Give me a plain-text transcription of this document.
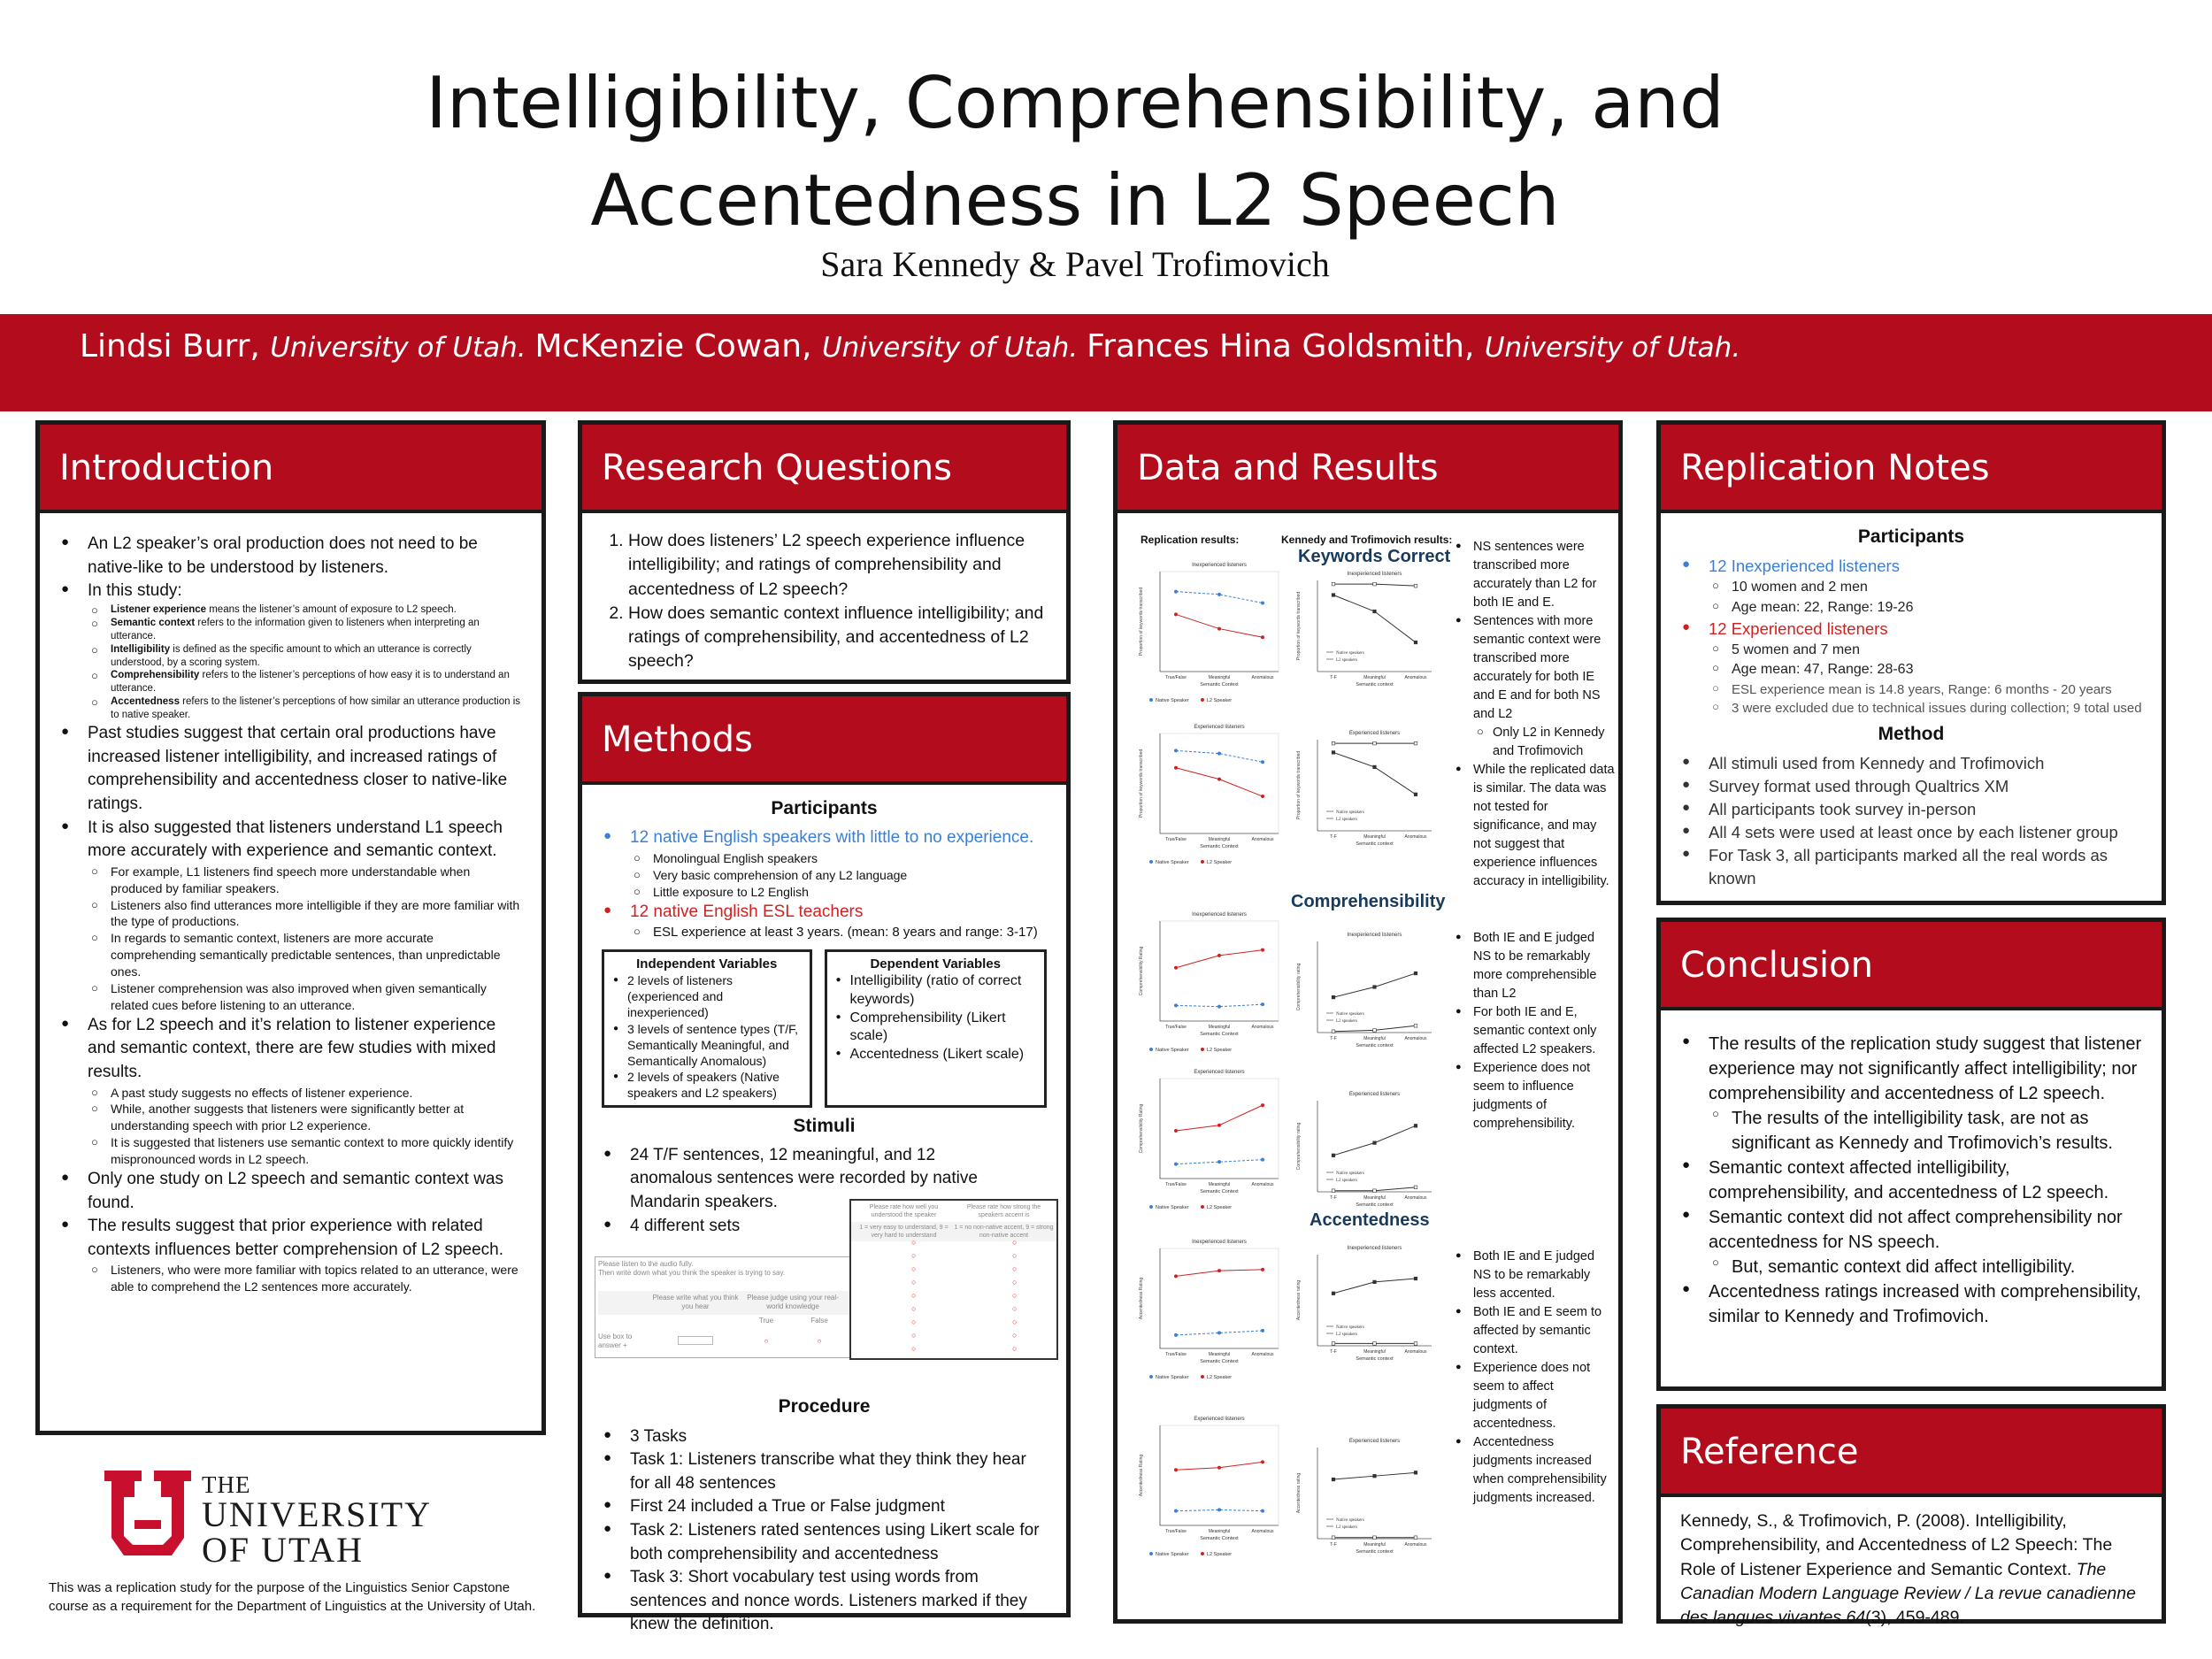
Intelligibility, Comprehensibility, and
Accentedness in L2 Speech
Sara Kennedy & Pavel Trofimovich
Lindsi Burr, University of Utah. McKenzie Cowan, University of Utah. Frances Hina Goldsmith, University of Utah.
Introduction
● An L2 speaker’s oral production does not need to be native-like to be understood by listeners.
● In this study:
○ Listener experience means the listener’s amount of exposure to L2 speech.
○ Semantic context refers to the information given to listeners when interpreting an utterance.
○ Intelligibility is defined as the specific amount to which an utterance is correctly understood, by a scoring system.
○ Comprehensibility refers to the listener’s perceptions of how easy it is to understand an utterance.
○ Accentedness refers to the listener’s perceptions of how similar an utterance production is to native speaker.
● Past studies suggest that certain oral productions have increased listener intelligibility, and increased ratings of comprehensibility and accentedness closer to native-like ratings.
● It is also suggested that listeners understand L1 speech more accurately with experience and semantic context.
○ For example, L1 listeners find speech more understandable when produced by familiar speakers.
○ Listeners also find utterances more intelligible if they are more familiar with the type of productions.
○ In regards to semantic context, listeners are more accurate comprehending semantically predictable sentences, than unpredictable ones.
○ Listener comprehension was also improved when given semantically related cues before listening to an utterance.
● As for L2 speech and it’s relation to listener experience and semantic context, there are few studies with mixed results.
○ A past study suggests no effects of listener experience.
○ While, another suggests that listeners were significantly better at understanding speech with prior L2 experience.
○ It is suggested that listeners use semantic context to more quickly identify mispronounced words in L2 speech.
● Only one study on L2 speech and semantic context was found.
● The results suggest that prior experience with related contexts influences better comprehension of L2 speech.
○ Listeners, who were more familiar with topics related to an utterance, were able to comprehend the L2 sentences more accurately.
THE
UNIVERSITY
OF UTAH
This was a replication study for the purpose of the Linguistics Senior Capstone course as a requirement for the Department of Linguistics at the University of Utah.
Research Questions
1. How does listeners’ L2 speech experience influence intelligibility; and ratings of comprehensibility and accentedness of L2 speech?
2. How does semantic context influence intelligibility; and ratings of comprehensibility, and accentedness of L2 speech?
Methods
Participants
● 12 native English speakers with little to no experience.
○ Monolingual English speakers
○ Very basic comprehension of any L2 language
○ Little exposure to L2 English
● 12 native English ESL teachers
○ ESL experience at least 3 years. (mean: 8 years and range: 3-17)
Independent Variables
● 2 levels of listeners (experienced and inexperienced)
● 3 levels of sentence types (T/F, Semantically Meaningful, and Semantically Anomalous)
● 2 levels of speakers (Native speakers and L2 speakers)
Dependent Variables
● Intelligibility (ratio of correct keywords)
● Comprehensibility (Likert scale)
● Accentedness (Likert scale)
Stimuli
● 24 T/F sentences, 12 meaningful, and 12 anomalous sentences were recorded by native Mandarin speakers.
● 4 different sets
Please listen to the audio fully.
Then write down what you think the speaker is trying to say.
Please write what you think you hear
Please judge using your real-world knowledge
True	False
Use box to answer +
○	○
Please rate how well you understood the speaker
Please rate how strong the speakers accent is
1 = very easy to understand, 9 = very hard to understand
1 = no non-native accent, 9 = strong non-native accent
○
○
○
○
○
○
○
○
○
○
○
○
○
○
○
○
○
○
Procedure
● 3 Tasks
● Task 1: Listeners transcribe what they think they hear for all 48 sentences
● First 24 included a True or False judgment
● Task 2: Listeners rated sentences using Likert scale for both comprehensibility and accentedness
● Task 3: Short vocabulary test using words from sentences and nonce words. Listeners marked if they knew the definition.
Data and Results
Replication results:	Kennedy and Trofimovich results:
Keywords Correct
Comprehensibility
Accentedness
● NS sentences were transcribed more accurately than L2 for both IE and E.
● Sentences with more semantic context were transcribed more accurately for both IE and E and for both NS and L2
○ Only L2 in Kennedy and Trofimovich
● While the replicated data is similar. The data was not tested for significance, and may not suggest that experience influences accuracy in intelligibility.
● Both IE and E judged NS to be remarkably more comprehensible than L2
● For both IE and E, semantic context only affected L2 speakers.
● Experience does not seem to influence judgments of comprehensibility.
● Both IE and E judged NS to be remarkably less accented.
● Both IE and E seem to affected by semantic context.
● Experience does not seem to affect judgments of accentedness.
● Accentedness judgments increased when comprehensibility judgments increased.
Inexperienced listeners
Proportion of keywords transcribed
True/False	Meaningful	Anomalous
Semantic Context
Native Speaker	L2 Speaker
Experienced listeners
Proportion of keywords transcribed
True/False	Meaningful	Anomalous
Semantic Context
Native Speaker	L2 Speaker
Inexperienced listeners
Proportion of keywords transcribed
T-F	Meaningful	Anomalous
Semantic context
Native speakers
L2 speakers
Experienced listeners
Proportion of keywords transcribed
T-F	Meaningful	Anomalous
Semantic context
Native speakers
L2 speakers
Inexperienced listeners
Comprehensibility Rating
True/False	Meaningful	Anomalous
Semantic Context
Native Speaker	L2 Speaker
Experienced listeners
Comprehensibility Rating
True/False	Meaningful	Anomalous
Semantic Context
Native Speaker	L2 Speaker
Inexperienced listeners
Comprehensibility rating
T-F	Meaningful	Anomalous
Semantic context
Native speakers
L2 speakers
Experienced listeners
Comprehensibility rating
T-F	Meaningful	Anomalous
Semantic context
Native speakers
L2 speakers
Inexperienced listeners
Accentedness Rating
True/False	Meaningful	Anomalous
Semantic Context
Native Speaker	L2 Speaker
Experienced listeners
Accentedness Rating
True/False	Meaningful	Anomalous
Semantic Context
Native Speaker	L2 Speaker
Inexperienced listeners
Accentedness rating
T-F	Meaningful	Anomalous
Semantic context
Native speakers
L2 speakers
Experienced listeners
Accentedness rating
T-F	Meaningful	Anomalous
Semantic context
Native speakers
L2 speakers
Replication Notes
Participants
● 12 Inexperienced listeners
○ 10 women and 2 men
○ Age mean: 22, Range: 19-26
● 12 Experienced listeners
○ 5 women and 7 men
○ Age mean: 47, Range: 28-63
○ ESL experience mean is 14.8 years, Range: 6 months - 20 years
○ 3 were excluded due to technical issues during collection; 9 total used
Method
● All stimuli used from Kennedy and Trofimovich
● Survey format used through Qualtrics XM
● All participants took survey in-person
● All 4 sets were used at least once by each listener group
● For Task 3, all participants marked all the real words as known
Conclusion
● The results of the replication study suggest that listener experience may not significantly affect intelligibility; nor comprehensibility and accentedness of L2 speech.
○ The results of the intelligibility task, are not as significant as Kennedy and Trofimovich’s results.
● Semantic context affected intelligibility, comprehensibility, and accentedness of L2 speech.
● Semantic context did not affect comprehensibility nor accentedness for NS speech.
○ But, semantic context did affect intelligibility.
● Accentedness ratings increased with comprehensibility, similar to Kennedy and Trofimovich.
Reference
Kennedy, S., & Trofimovich, P. (2008). Intelligibility, Comprehensibility, and Accentedness of L2 Speech: The Role of Listener Experience and Semantic Context. The Canadian Modern Language Review / La revue canadienne des langues vivantes 64(3), 459-489.
